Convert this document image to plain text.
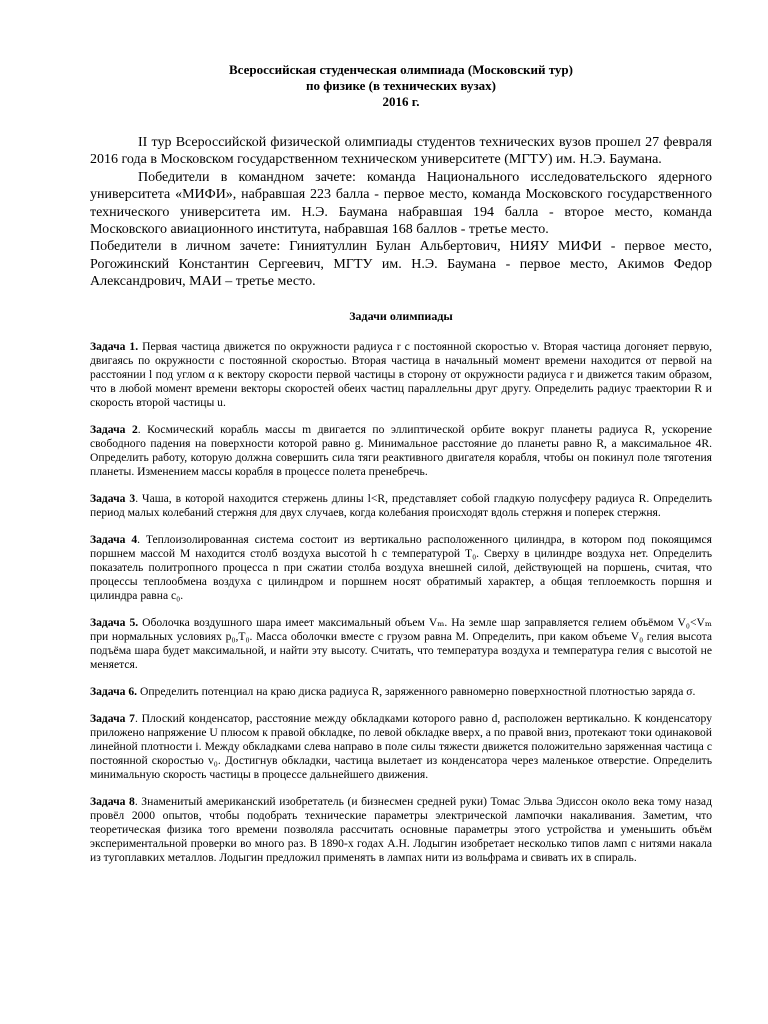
Всероссийская студенческая олимпиада (Московский тур)
по физике (в технических вузах)
2016 г.

II тур Всероссийской физической олимпиады студентов технических вузов прошел 27 февраля 2016 года в Московском государственном техническом университете (МГТУ) им. Н.Э. Баумана.

Победители в командном зачете: команда Национального исследовательского ядерного университета «МИФИ», набравшая 223 балла - первое место, команда Московского государственного технического университета им. Н.Э. Баумана набравшая 194 балла - второе место, команда Московского авиационного института, набравшая 168 баллов - третье место.

Победители в личном зачете: Гиниятуллин Булан Альбертович, НИЯУ МИФИ - первое место, Рогожинский Константин Сергеевич, МГТУ им. Н.Э. Баумана - первое место, Акимов Федор Александрович, МАИ – третье место.

Задачи олимпиады

Задача 1. Первая частица движется по окружности радиуса r с постоянной скоростью v. Вторая частица догоняет первую, двигаясь по окружности с постоянной скоростью. Вторая частица в начальный момент времени находится от первой на расстоянии l под углом α к вектору скорости первой частицы в сторону от окружности радиуса r и движется таким образом, что в любой момент времени векторы скоростей обеих частиц параллельны друг другу. Определить радиус траектории R и скорость второй частицы u.

Задача 2. Космический корабль массы m двигается по эллиптической орбите вокруг планеты радиуса R, ускорение свободного падения на поверхности которой равно g. Минимальное расстояние до планеты равно R, а максимальное 4R. Определить работу, которую должна совершить сила тяги реактивного двигателя корабля, чтобы он покинул поле тяготения планеты. Изменением массы корабля в процессе полета пренебречь.

Задача 3. Чаша, в которой находится стержень длины l<R, представляет собой гладкую полусферу радиуса R. Определить период малых колебаний стержня для двух случаев, когда колебания происходят вдоль стержня и поперек стержня.

Задача 4. Теплоизолированная система состоит из вертикально расположенного цилиндра, в котором под покоящимся поршнем массой M находится столб воздуха высотой h с температурой T₀. Сверху в цилиндре воздуха нет. Определить показатель политропного процесса n при сжатии столба воздуха внешней силой, действующей на поршень, считая, что процессы теплообмена воздуха с цилиндром и поршнем носят обратимый характер, а общая теплоемкость поршня и цилиндра равна c₀.

Задача 5. Оболочка воздушного шара имеет максимальный объем Vₘ. На земле шар заправляется гелием объёмом V₀<Vₘ при нормальных условиях p₀,T₀. Масса оболочки вместе с грузом равна M. Определить, при каком объеме V₀ гелия высота подъёма шара будет максимальной, и найти эту высоту. Считать, что температура воздуха и температура гелия с высотой не меняется.

Задача 6. Определить потенциал на краю диска радиуса R, заряженного равномерно поверхностной плотностью заряда σ.

Задача 7. Плоский конденсатор, расстояние между обкладками которого равно d, расположен вертикально. К конденсатору приложено напряжение U плюсом к правой обкладке, по левой обкладке вверх, а по правой вниз, протекают токи одинаковой линейной плотности i. Между обкладками слева направо в поле силы тяжести движется положительно заряженная частица с постоянной скоростью v₀. Достигнув обкладки, частица вылетает из конденсатора через маленькое отверстие. Определить минимальную скорость частицы в процессе дальнейшего движения.

Задача 8. Знаменитый американский изобретатель (и бизнесмен средней руки) Томас Эльва Эдиссон около века тому назад провёл 2000 опытов, чтобы подобрать технические параметры электрической лампочки накаливания. Заметим, что теоретическая физика того времени позволяла рассчитать основные параметры этого устройства и уменьшить объём экспериментальной проверки во много раз. В 1890-х годах А.Н. Лодыгин изобретает несколько типов ламп с нитями накала из тугоплавких металлов. Лодыгин предложил применять в лампах нити из вольфрама и свивать их в спираль.
